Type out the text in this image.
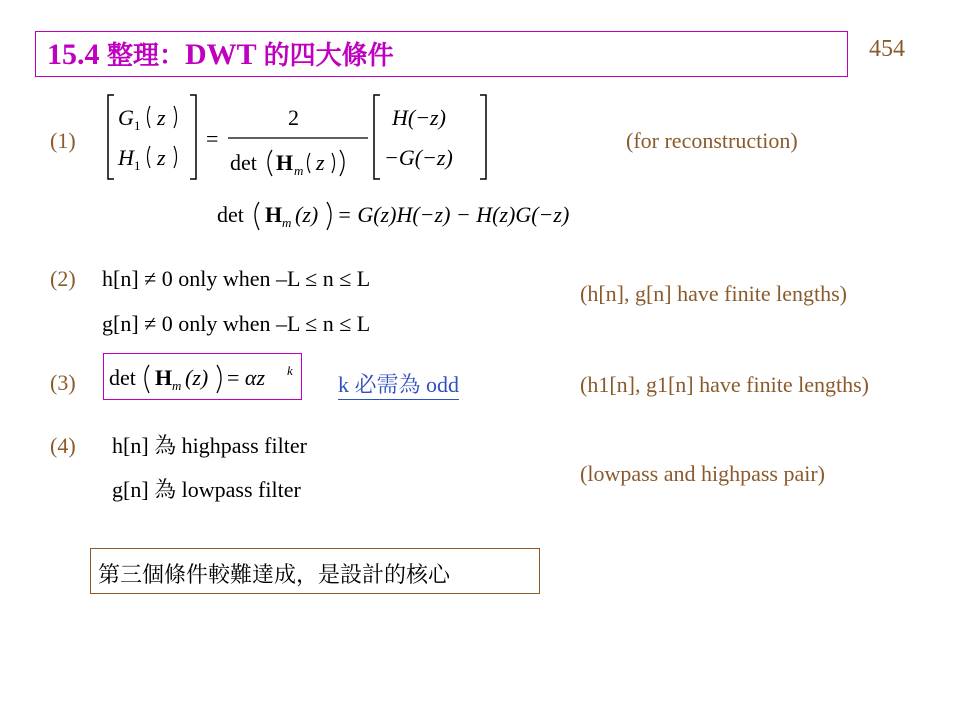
15.4 整理：DWT 的四大條件	454
(1)
G 1
H 1
z
z
=
2
det H m z
H(−z)
−G(−z)
(for reconstruction)
det H m (z) = G(z)H(−z) − H(z)G(−z)
(2) h[n] ≠ 0 only when –L ≤ n ≤ L
g[n] ≠ 0 only when –L ≤ n ≤ L
(h[n], g[n] have finite lengths)
(3) det H m (z) = αz k
k 必需為 odd	(h1[n], g1[n] have finite lengths)
(4) h[n] 為 highpass filter
g[n] 為 lowpass filter
(lowpass and highpass pair)
第三個條件較難達成，是設計的核心
